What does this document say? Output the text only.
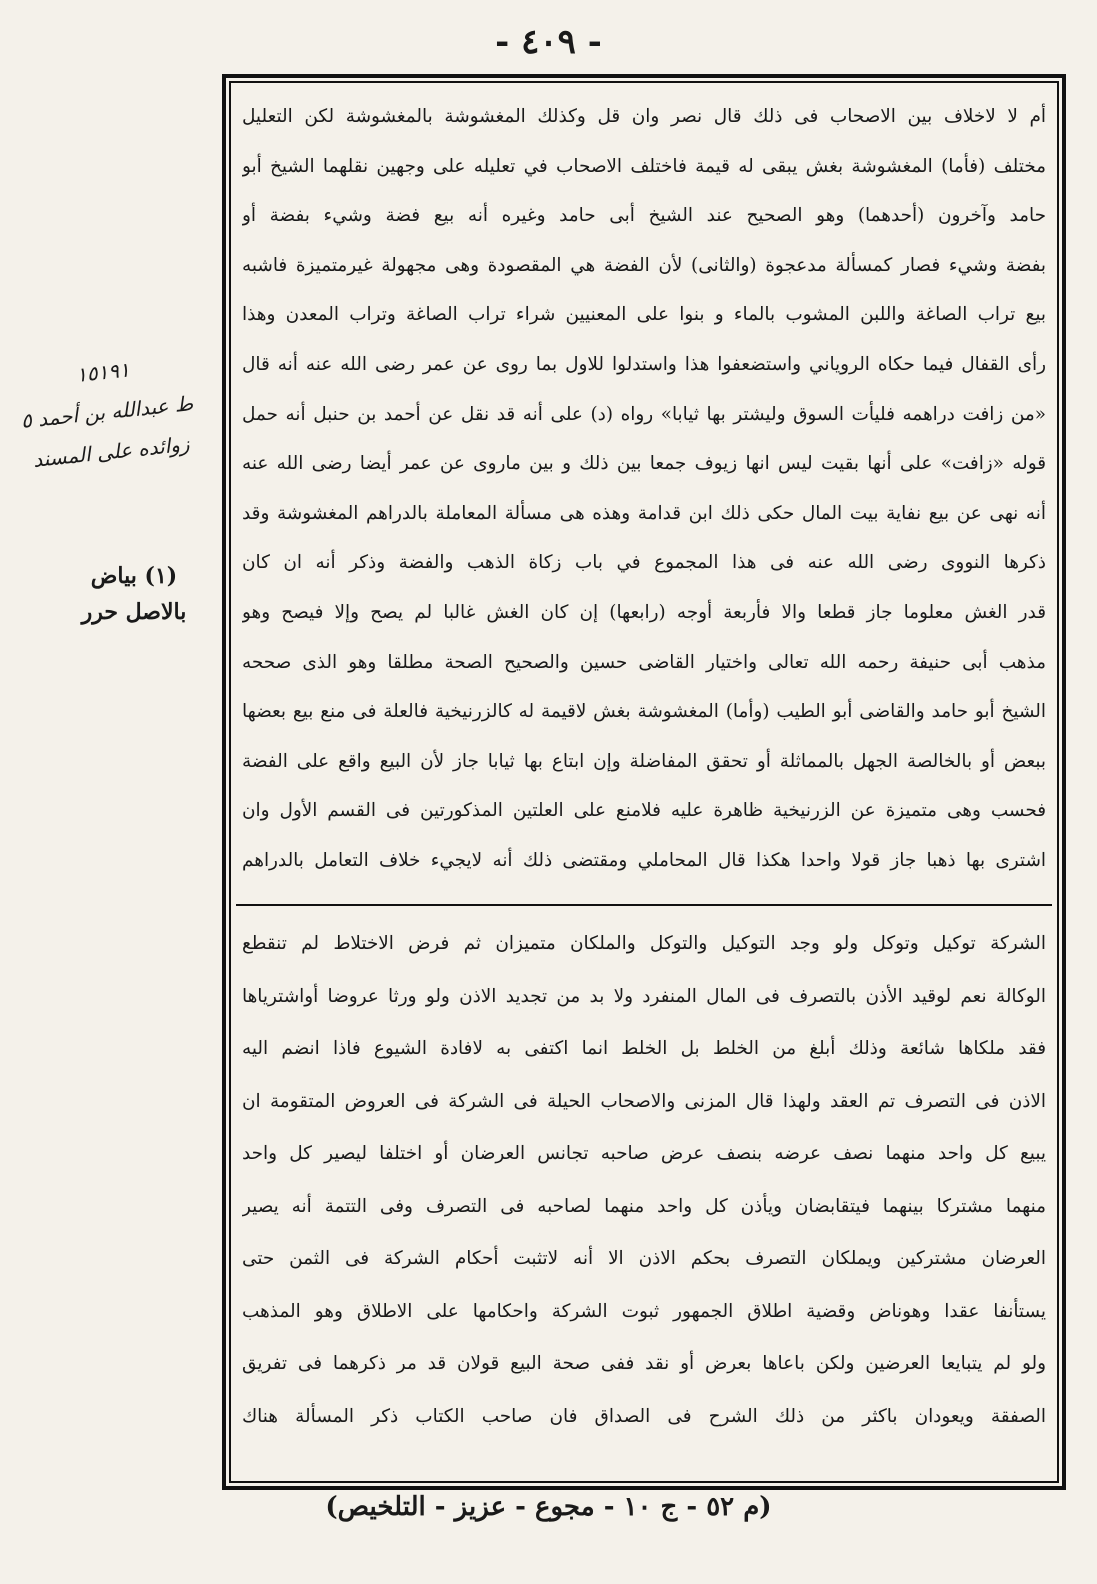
- ٤٠٩ -
١٥١٩١
ط عبدالله بن أحمد ٥
زوائده على المسند
(١) بياض
بالاصل حرر
أم لا لاخلاف بين الاصحاب فى ذلك قال نصر وان قل وكذلك المغشوشة بالمغشوشة لكن التعليل
مختلف (فأما) المغشوشة بغش يبقى له قيمة فاختلف الاصحاب في تعليله على وجهين نقلهما الشيخ أبو
حامد وآخرون (أحدهما) وهو الصحيح عند الشيخ أبى حامد وغيره أنه بيع فضة وشيء بفضة أو
بفضة وشيء فصار كمسألة مدعجوة (والثانى) لأن الفضة هي المقصودة وهى مجهولة غيرمتميزة فاشبه
بيع تراب الصاغة واللبن المشوب بالماء و بنوا على المعنيين شراء تراب الصاغة وتراب المعدن وهذا
رأى القفال فيما حكاه الروياني واستضعفوا هذا واستدلوا للاول بما روى عن عمر رضى الله عنه أنه قال
«من زافت دراهمه فليأت السوق وليشتر بها ثيابا» رواه (د) على أنه قد نقل عن أحمد بن حنبل أنه حمل
قوله «زافت» على أنها بقيت ليس انها زيوف جمعا بين ذلك و بين ماروى عن عمر أيضا رضى الله عنه
أنه نهى عن بيع نفاية بيت المال حكى ذلك ابن قدامة وهذه هى مسألة المعاملة بالدراهم المغشوشة وقد
ذكرها النووى رضى الله عنه فى هذا المجموع في باب زكاة الذهب والفضة وذكر أنه ان كان
قدر الغش معلوما جاز قطعا والا فأربعة أوجه (رابعها) إن كان الغش غالبا لم يصح وإلا فيصح وهو
مذهب أبى حنيفة رحمه الله تعالى واختيار القاضى حسين والصحيح الصحة مطلقا وهو الذى صححه
الشيخ أبو حامد والقاضى أبو الطيب (وأما) المغشوشة بغش لاقيمة له كالزرنيخية فالعلة فى منع بيع بعضها
ببعض أو بالخالصة الجهل بالمماثلة أو تحقق المفاضلة وإن ابتاع بها ثيابا جاز لأن البيع واقع على الفضة
فحسب وهى متميزة عن الزرنيخية ظاهرة عليه فلامنع على العلتين المذكورتين فى القسم الأول وان
اشترى بها ذهبا جاز قولا واحدا هكذا قال المحاملي ومقتضى ذلك أنه لايجيء خلاف التعامل بالدراهم
الشركة توكيل وتوكل ولو وجد التوكيل والتوكل والملكان متميزان ثم فرض الاختلاط لم تنقطع
الوكالة نعم لوقيد الأذن بالتصرف فى المال المنفرد ولا بد من تجديد الاذن ولو ورثا عروضا أواشترياها
فقد ملكاها شائعة وذلك أبلغ من الخلط بل الخلط انما اكتفى به لافادة الشيوع فاذا انضم اليه
الاذن فى التصرف تم العقد ولهذا قال المزنى والاصحاب الحيلة فى الشركة فى العروض المتقومة ان
يبيع كل واحد منهما نصف عرضه بنصف عرض صاحبه تجانس العرضان أو اختلفا ليصير كل واحد
منهما مشتركا بينهما فيتقابضان ويأذن كل واحد منهما لصاحبه فى التصرف وفى التتمة أنه يصير
العرضان مشتركين ويملكان التصرف بحكم الاذن الا أنه لاتثبت أحكام الشركة فى الثمن حتى
يستأنفا عقدا وهوناض وقضية اطلاق الجمهور ثبوت الشركة واحكامها على الاطلاق وهو المذهب
ولو لم يتبايعا العرضين ولكن باعاها بعرض أو نقد ففى صحة البيع قولان قد مر ذكرهما فى تفريق
الصفقة ويعودان باكثر من ذلك الشرح فى الصداق فان صاحب الكتاب ذكر المسألة هناك
(م ٥٢ - ج ١٠ - مجوع - عزيز - التلخيص)
